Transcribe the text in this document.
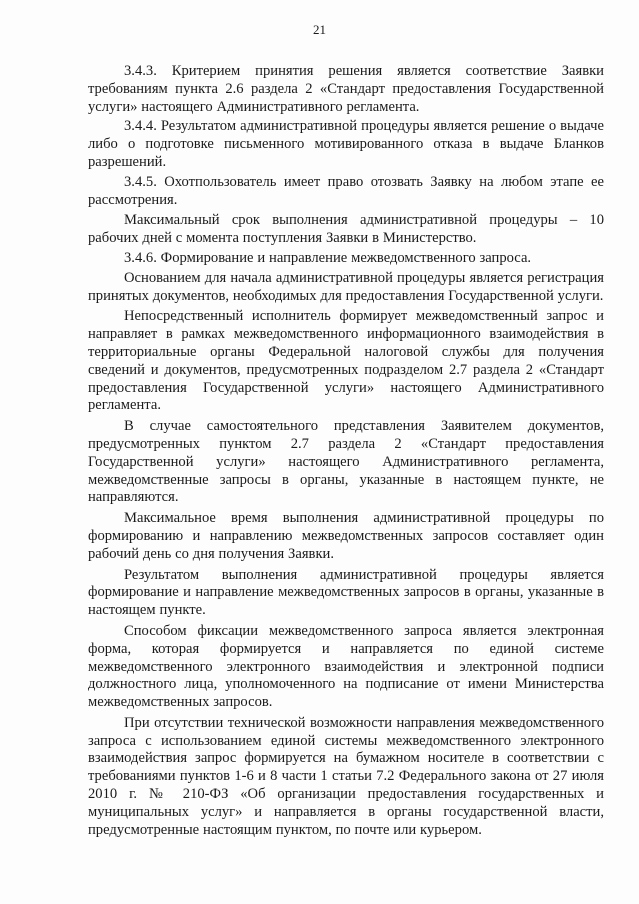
21

3.4.3. Критерием принятия решения является соответствие Заявки требованиям пункта 2.6 раздела 2 «Стандарт предоставления Государственной услуги» настоящего Административного регламента.

3.4.4. Результатом административной процедуры является решение о выдаче либо о подготовке письменного мотивированного отказа в выдаче Бланков разрешений.

3.4.5. Охотпользователь имеет право отозвать Заявку на любом этапе ее рассмотрения.

Максимальный срок выполнения административной процедуры – 10 рабочих дней с момента поступления Заявки в Министерство.

3.4.6. Формирование и направление межведомственного запроса.

Основанием для начала административной процедуры является регистрация принятых документов, необходимых для предоставления Государственной услуги.

Непосредственный исполнитель формирует межведомственный запрос и направляет в рамках межведомственного информационного взаимодействия в территориальные органы Федеральной налоговой службы для получения сведений и документов, предусмотренных подразделом 2.7 раздела 2 «Стандарт предоставления Государственной услуги» настоящего Административного регламента.

В случае самостоятельного представления Заявителем документов, предусмотренных пунктом 2.7 раздела 2 «Стандарт предоставления Государственной услуги» настоящего Административного регламента, межведомственные запросы в органы, указанные в настоящем пункте, не направляются.

Максимальное время выполнения административной процедуры по формированию и направлению межведомственных запросов составляет один рабочий день со дня получения Заявки.

Результатом выполнения административной процедуры является формирование и направление межведомственных запросов в органы, указанные в настоящем пункте.

Способом фиксации межведомственного запроса является электронная форма, которая формируется и направляется по единой системе межведомственного электронного взаимодействия и электронной подписи должностного лица, уполномоченного на подписание от имени Министерства межведомственных запросов.

При отсутствии технической возможности направления межведомственного запроса с использованием единой системы межведомственного электронного взаимодействия запрос формируется на бумажном носителе в соответствии с требованиями пунктов 1-6 и 8 части 1 статьи 7.2 Федерального закона от 27 июля 2010 г. № 210-ФЗ «Об организации предоставления государственных и муниципальных услуг» и направляется в органы государственной власти, предусмотренные настоящим пунктом, по почте или курьером.
